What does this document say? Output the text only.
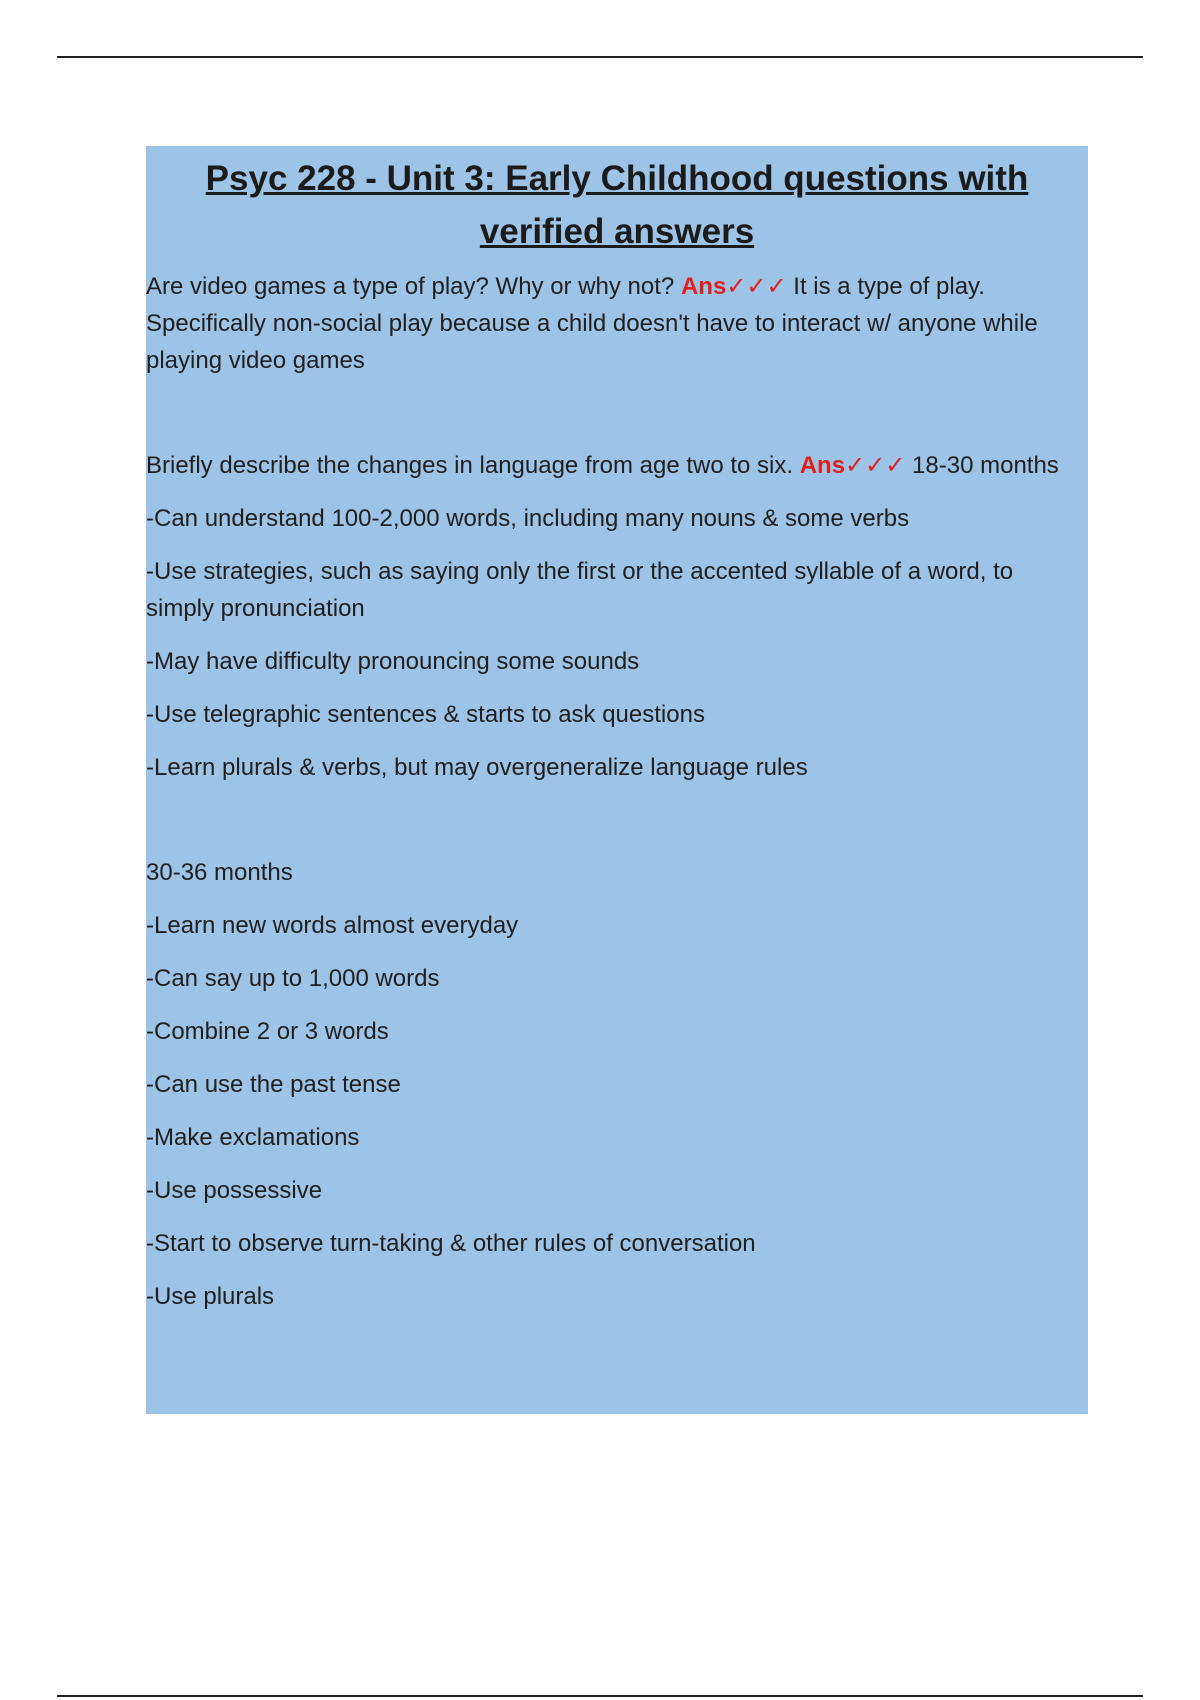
Psyc 228 - Unit 3: Early Childhood questions with verified answers

Are video games a type of play? Why or why not? Ans✓✓✓ It is a type of play. Specifically non-social play because a child doesn't have to interact w/ anyone while playing video games

Briefly describe the changes in language from age two to six. Ans✓✓✓ 18-30 months

-Can understand 100-2,000 words, including many nouns & some verbs

-Use strategies, such as saying only the first or the accented syllable of a word, to simply pronunciation

-May have difficulty pronouncing some sounds

-Use telegraphic sentences & starts to ask questions

-Learn plurals & verbs, but may overgeneralize language rules

30-36 months

-Learn new words almost everyday

-Can say up to 1,000 words

-Combine 2 or 3 words

-Can use the past tense

-Make exclamations

-Use possessive

-Start to observe turn-taking & other rules of conversation

-Use plurals
